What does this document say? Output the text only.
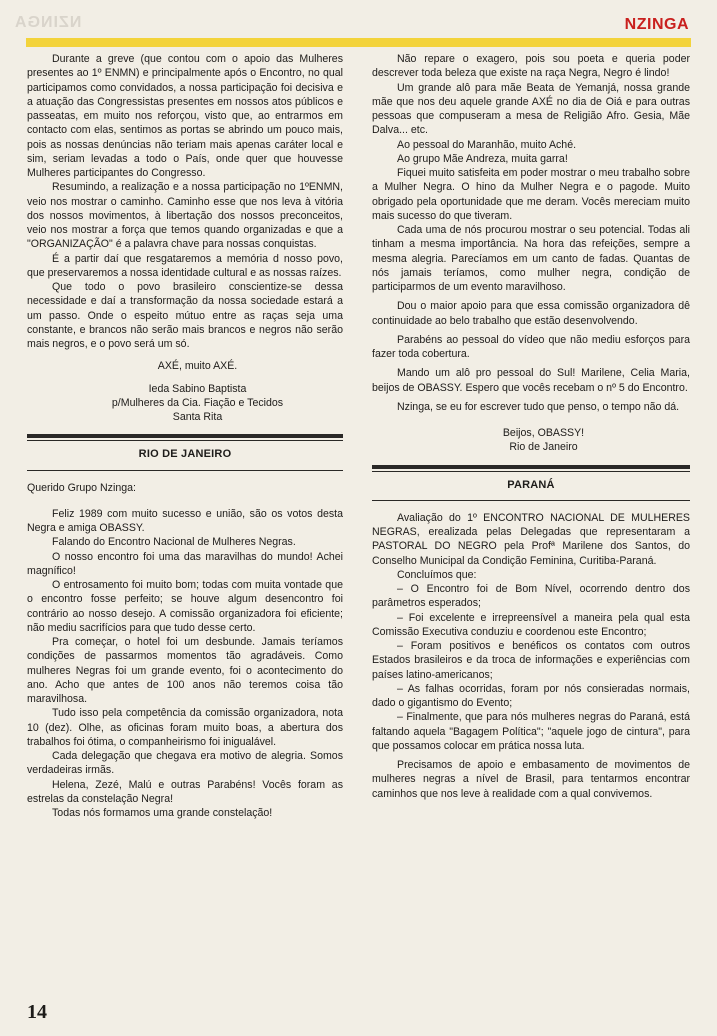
NZINGA	NZINGA

Durante a greve (que contou com o apoio das Mulheres presentes ao 1º ENMN) e principalmente após o Encontro, no qual participamos como convidados, a nossa participação foi decisiva e a atuação das Congressistas presentes em nossos atos públicos e passeatas, em muito nos reforçou, visto que, ao entrarmos em contacto com elas, sentimos as portas se abrindo um pouco mais, pois as nossas denúncias não teriam mais apenas caráter local e sim, seriam levadas a todo o País, onde quer que houvesse Mulheres participantes do Congresso.

Resumindo, a realização e a nossa participação no 1ºENMN, veio nos mostrar o caminho. Caminho esse que nos leva à vitória dos nossos movimentos, à libertação dos nossos preconceitos, veio nos mostrar a força que temos quando organizadas e que a "ORGANIZAÇÃO" é a palavra chave para nossas conquistas.

É a partir daí que resgataremos a memória d nosso povo, que preservaremos a nossa identidade cultural e as nossas raízes.

Que todo o povo brasileiro conscientize-se dessa necessidade e daí a transformação da nossa sociedade estará a um passo. Onde o espeito mútuo entre as raças seja uma constante, e brancos não serão mais brancos e negros não serão mais negros, e o povo será um só.

AXÉ, muito AXÉ.

Ieda Sabino Baptista

p/Mulheres da Cia. Fiação e Tecidos

Santa Rita

RIO DE JANEIRO

Querido Grupo Nzinga:

Feliz 1989 com muito sucesso e união, são os votos desta Negra e amiga OBASSY.

Falando do Encontro Nacional de Mulheres Negras.

O nosso encontro foi uma das maravilhas do mundo! Achei magnífico!

O entrosamento foi muito bom; todas com muita vontade que o encontro fosse perfeito; se houve algum desencontro foi contrário ao nosso desejo. A comissão organizadora foi eficiente; não mediu sacrifícios para que tudo desse certo.

Pra começar, o hotel foi um desbunde. Jamais teríamos condições de passarmos momentos tão agradáveis. Como mulheres Negras foi um grande evento, foi o acontecimento do ano. Acho que antes de 100 anos não teremos coisa tão maravilhosa.

Tudo isso pela competência da comissão organizadora, nota 10 (dez). Olhe, as oficinas foram muito boas, a abertura dos trabalhos foi ótima, o companheirismo foi inigualável.

Cada delegação que chegava era motivo de alegria. Somos verdadeiras irmãs.

Helena, Zezé, Malú e outras Parabéns! Vocês foram as estrelas da constelação Negra!

Todas nós formamos uma grande constelação!

Não repare o exagero, pois sou poeta e queria poder descrever toda beleza que existe na raça Negra, Negro é lindo!

Um grande alô para mãe Beata de Yemanjá, nossa grande mãe que nos deu aquele grande AXÉ no dia de Oiá e para outras pessoas que compuseram a mesa de Religião Afro. Gesia, Mãe Dalva... etc.

Ao pessoal do Maranhão, muito Aché.

Ao grupo Mãe Andreza, muita garra!

Fiquei muito satisfeita em poder mostrar o meu trabalho sobre a Mulher Negra. O hino da Mulher Negra e o pagode. Muito obrigado pela oportunidade que me deram. Vocês mereciam muito mais sucesso do que tiveram.

Cada uma de nós procurou mostrar o seu potencial. Todas ali tinham a mesma importância. Na hora das refeições, sempre a mesma alegria. Parecíamos em um canto de fadas. Quantas de nós jamais teríamos, como mulher negra, condição de participarmos de um evento maravilhoso.

Dou o maior apoio para que essa comissão organizadora dê continuidade ao belo trabalho que estão desenvolvendo.

Parabéns ao pessoal do vídeo que não mediu esforços para fazer toda cobertura.

Mando um alô pro pessoal do Sul! Marilene, Celia Maria, beijos de OBASSY. Espero que vocês recebam o nº 5 do Encontro.

Nzinga, se eu for escrever tudo que penso, o tempo não dá.

Beijos, OBASSY!

Rio de Janeiro

PARANÁ

Avaliação do 1º ENCONTRO NACIONAL DE MULHERES NEGRAS, erealizada pelas Delegadas que representaram a PASTORAL DO NEGRO pela Profª Marilene dos Santos, do Conselho Municipal da Condição Feminina, Curitiba-Paraná.

Concluímos que:

– O Encontro foi de Bom Nível, ocorrendo dentro dos parâmetros esperados;

– Foi excelente e irrepreensível a maneira pela qual esta Comissão Executiva conduziu e coordenou este Encontro;

– Foram positivos e benéficos os contatos com outros Estados brasileiros e da troca de informações e experiências com países latino-americanos;

– As falhas ocorridas, foram por nós consieradas normais, dado o gigantismo do Evento;

– Finalmente, que para nós mulheres negras do Paraná, está faltando aquela "Bagagem Política"; "aquele jogo de cintura", para que possamos colocar em prática nossa luta.

Precisamos de apoio e embasamento de movimentos de mulheres negras a nível de Brasil, para tentarmos encontrar caminhos que nos leve à realidade com a qual convivemos.

14
